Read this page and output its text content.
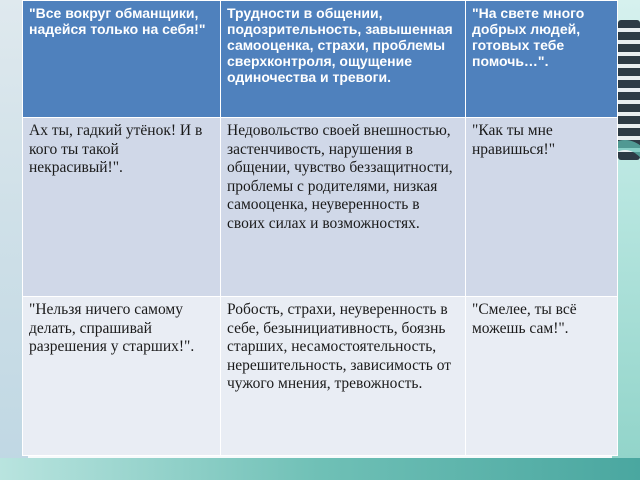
"Все вокруг обманщики, надейся только на себя!"	Трудности в общении, подозрительность, завышенная самооценка, страхи, проблемы сверхконтроля, ощущение одиночества и тревоги.	"На свете много добрых людей, готовых тебе помочь…".
Ах ты, гадкий утёнок! И в кого ты такой некрасивый!".	Недовольство своей внешностью, застенчивость, нарушения в общении, чувство беззащитности, проблемы с родителями, низкая самооценка, неуверенность в своих силах и возможностях.	"Как ты мне нравишься!"
"Нельзя ничего самому делать, спрашивай разрешения у старших!".	Робость, страхи, неуверенность в себе, безынициативность, боязнь старших, несамостоятельность, нерешительность, зависимость от чужого мнения, тревожность.	"Смелее, ты всё можешь сам!".
